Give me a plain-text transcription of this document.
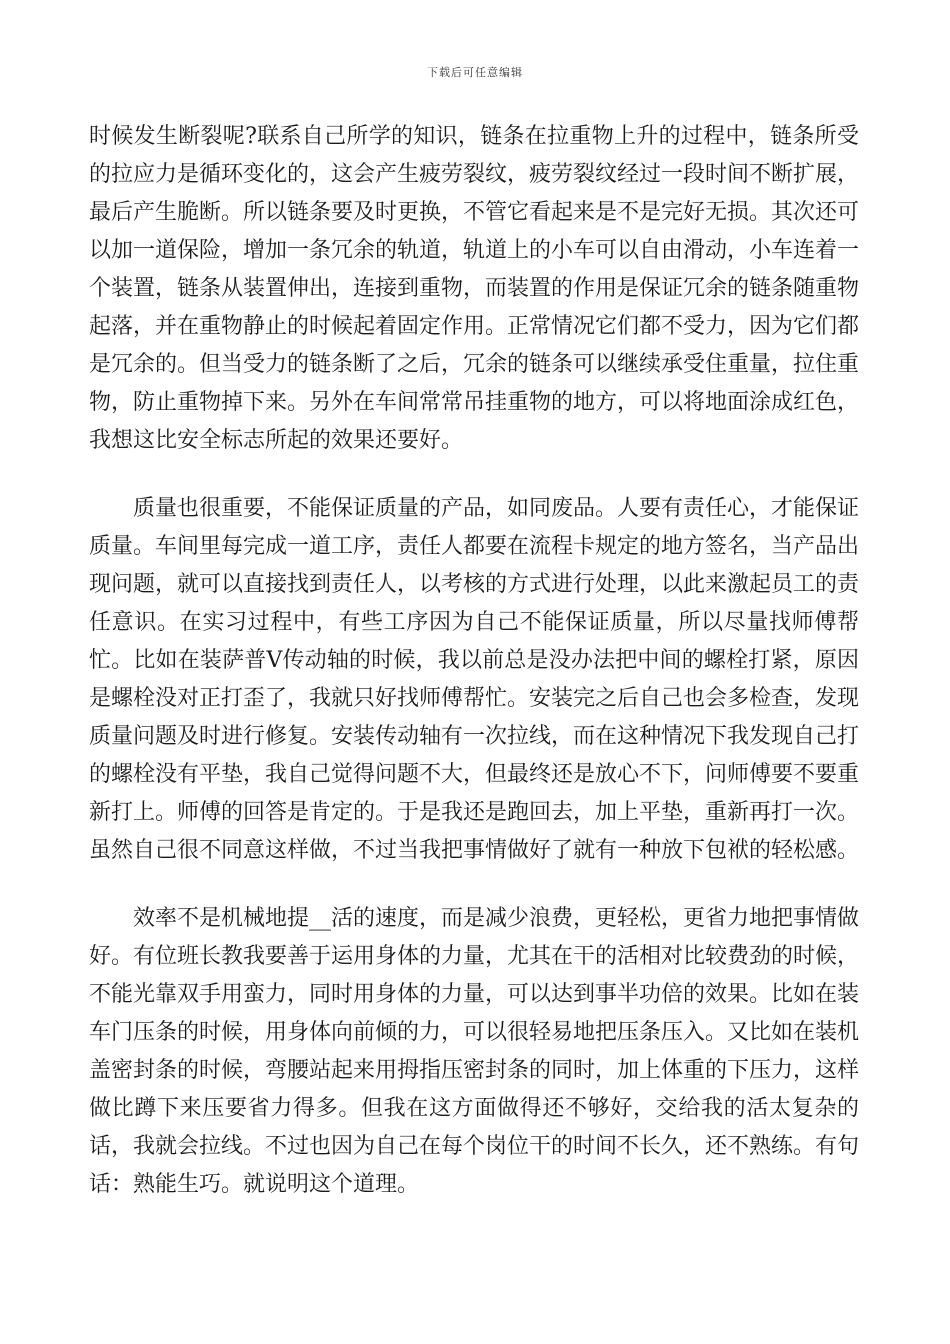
下载后可任意编辑

时候发生断裂呢?联系自己所学的知识，链条在拉重物上升的过程中，链条所受的拉应力是循环变化的，这会产生疲劳裂纹，疲劳裂纹经过一段时间不断扩展，最后产生脆断。所以链条要及时更换，不管它看起来是不是完好无损。其次还可以加一道保险，增加一条冗余的轨道，轨道上的小车可以自由滑动，小车连着一个装置，链条从装置伸出，连接到重物，而装置的作用是保证冗余的链条随重物起落，并在重物静止的时候起着固定作用。正常情况它们都不受力，因为它们都是冗余的。但当受力的链条断了之后，冗余的链条可以继续承受住重量，拉住重物，防止重物掉下来。另外在车间常常吊挂重物的地方，可以将地面涂成红色，我想这比安全标志所起的效果还要好。

质量也很重要，不能保证质量的产品，如同废品。人要有责任心，才能保证质量。车间里每完成一道工序，责任人都要在流程卡规定的地方签名，当产品出现问题，就可以直接找到责任人，以考核的方式进行处理，以此来激起员工的责任意识。在实习过程中，有些工序因为自己不能保证质量，所以尽量找师傅帮忙。比如在装萨普V传动轴的时候，我以前总是没办法把中间的螺栓打紧，原因是螺栓没对正打歪了，我就只好找师傅帮忙。安装完之后自己也会多检查，发现质量问题及时进行修复。安装传动轴有一次拉线，而在这种情况下我发现自己打的螺栓没有平垫，我自己觉得问题不大，但最终还是放心不下，问师傅要不要重新打上。师傅的回答是肯定的。于是我还是跑回去，加上平垫，重新再打一次。虽然自己很不同意这样做，不过当我把事情做好了就有一种放下包袱的轻松感。

效率不是机械地提__活的速度，而是减少浪费，更轻松，更省力地把事情做好。有位班长教我要善于运用身体的力量，尤其在干的活相对比较费劲的时候，不能光靠双手用蛮力，同时用身体的力量，可以达到事半功倍的效果。比如在装车门压条的时候，用身体向前倾的力，可以很轻易地把压条压入。又比如在装机盖密封条的时候，弯腰站起来用拇指压密封条的同时，加上体重的下压力，这样做比蹲下来压要省力得多。但我在这方面做得还不够好，交给我的活太复杂的话，我就会拉线。不过也因为自己在每个岗位干的时间不长久，还不熟练。有句话：熟能生巧。就说明这个道理。
